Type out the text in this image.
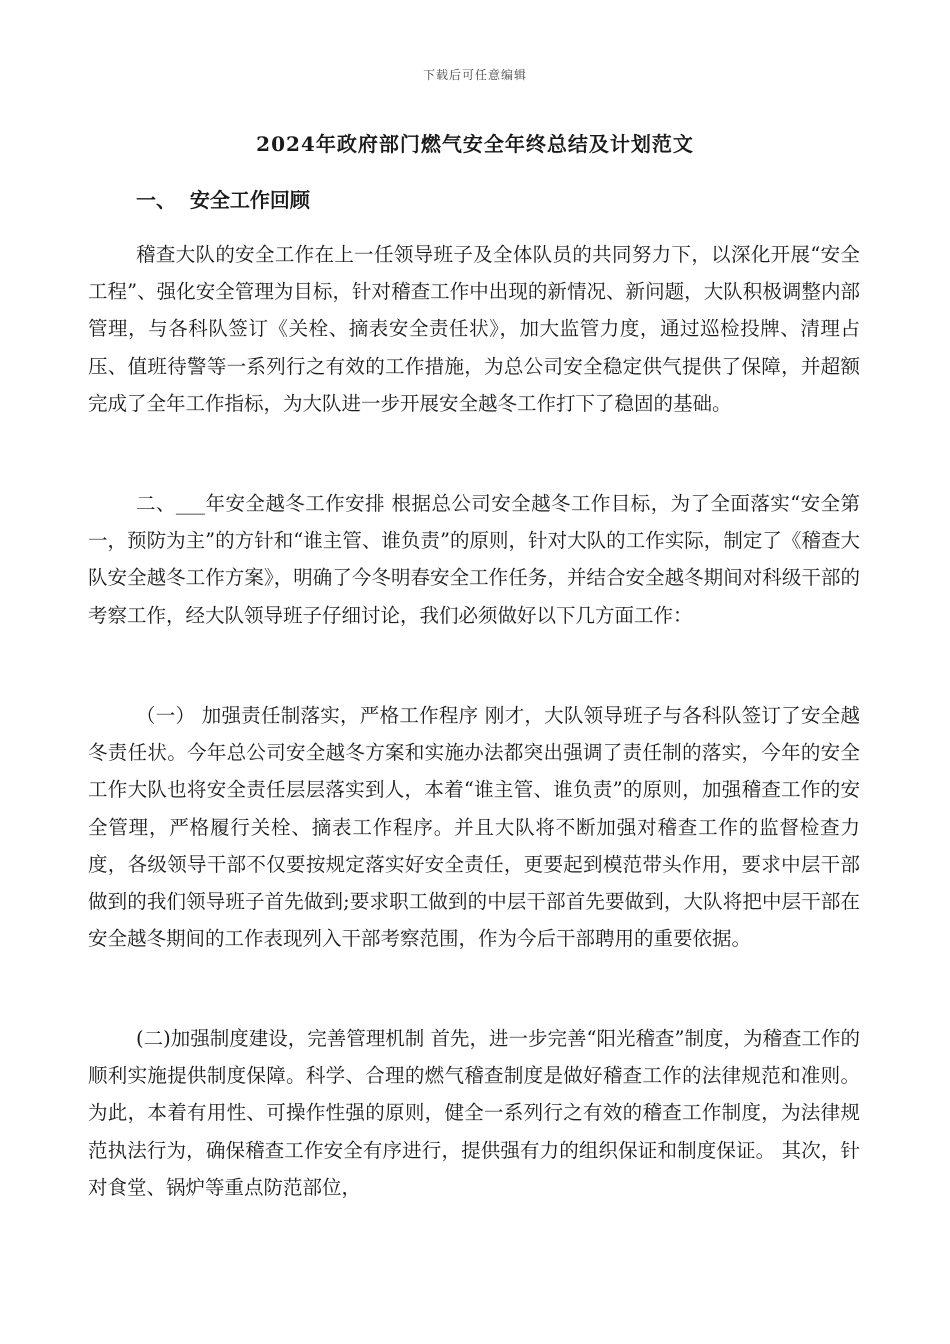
下载后可任意编辑
2024年政府部门燃气安全年终总结及计划范文
一、  安全工作回顾

稽查大队的安全工作在上一任领导班子及全体队员的共同努力下，以深化开展“安全工程”、强化安全管理为目标，针对稽查工作中出现的新情况、新问题，大队积极调整内部管理，与各科队签订《关栓、摘表安全责任状》，加大监管力度，通过巡检投牌、清理占压、值班待警等一系列行之有效的工作措施，为总公司安全稳定供气提供了保障，并超额完成了全年工作指标，为大队进一步开展安全越冬工作打下了稳固的基础。

二、___年安全越冬工作安排 根据总公司安全越冬工作目标，为了全面落实“安全第一，预防为主”的方针和“谁主管、谁负责”的原则，针对大队的工作实际，制定了《稽查大队安全越冬工作方案》，明确了今冬明春安全工作任务，并结合安全越冬期间对科级干部的考察工作，经大队领导班子仔细讨论，我们必须做好以下几方面工作：

（一） 加强责任制落实，严格工作程序 刚才，大队领导班子与各科队签订了安全越冬责任状。今年总公司安全越冬方案和实施办法都突出强调了责任制的落实，今年的安全工作大队也将安全责任层层落实到人，本着“谁主管、谁负责”的原则，加强稽查工作的安全管理，严格履行关栓、摘表工作程序。并且大队将不断加强对稽查工作的监督检查力度，各级领导干部不仅要按规定落实好安全责任，更要起到模范带头作用，要求中层干部做到的我们领导班子首先做到;要求职工做到的中层干部首先要做到，大队将把中层干部在安全越冬期间的工作表现列入干部考察范围，作为今后干部聘用的重要依据。

(二)加强制度建设，完善管理机制 首先，进一步完善“阳光稽查”制度，为稽查工作的顺利实施提供制度保障。科学、合理的燃气稽查制度是做好稽查工作的法律规范和准则。为此，本着有用性、可操作性强的原则，健全一系列行之有效的稽查工作制度，为法律规范执法行为，确保稽查工作安全有序进行，提供强有力的组织保证和制度保证。 其次，针对食堂、锅炉等重点防范部位，
